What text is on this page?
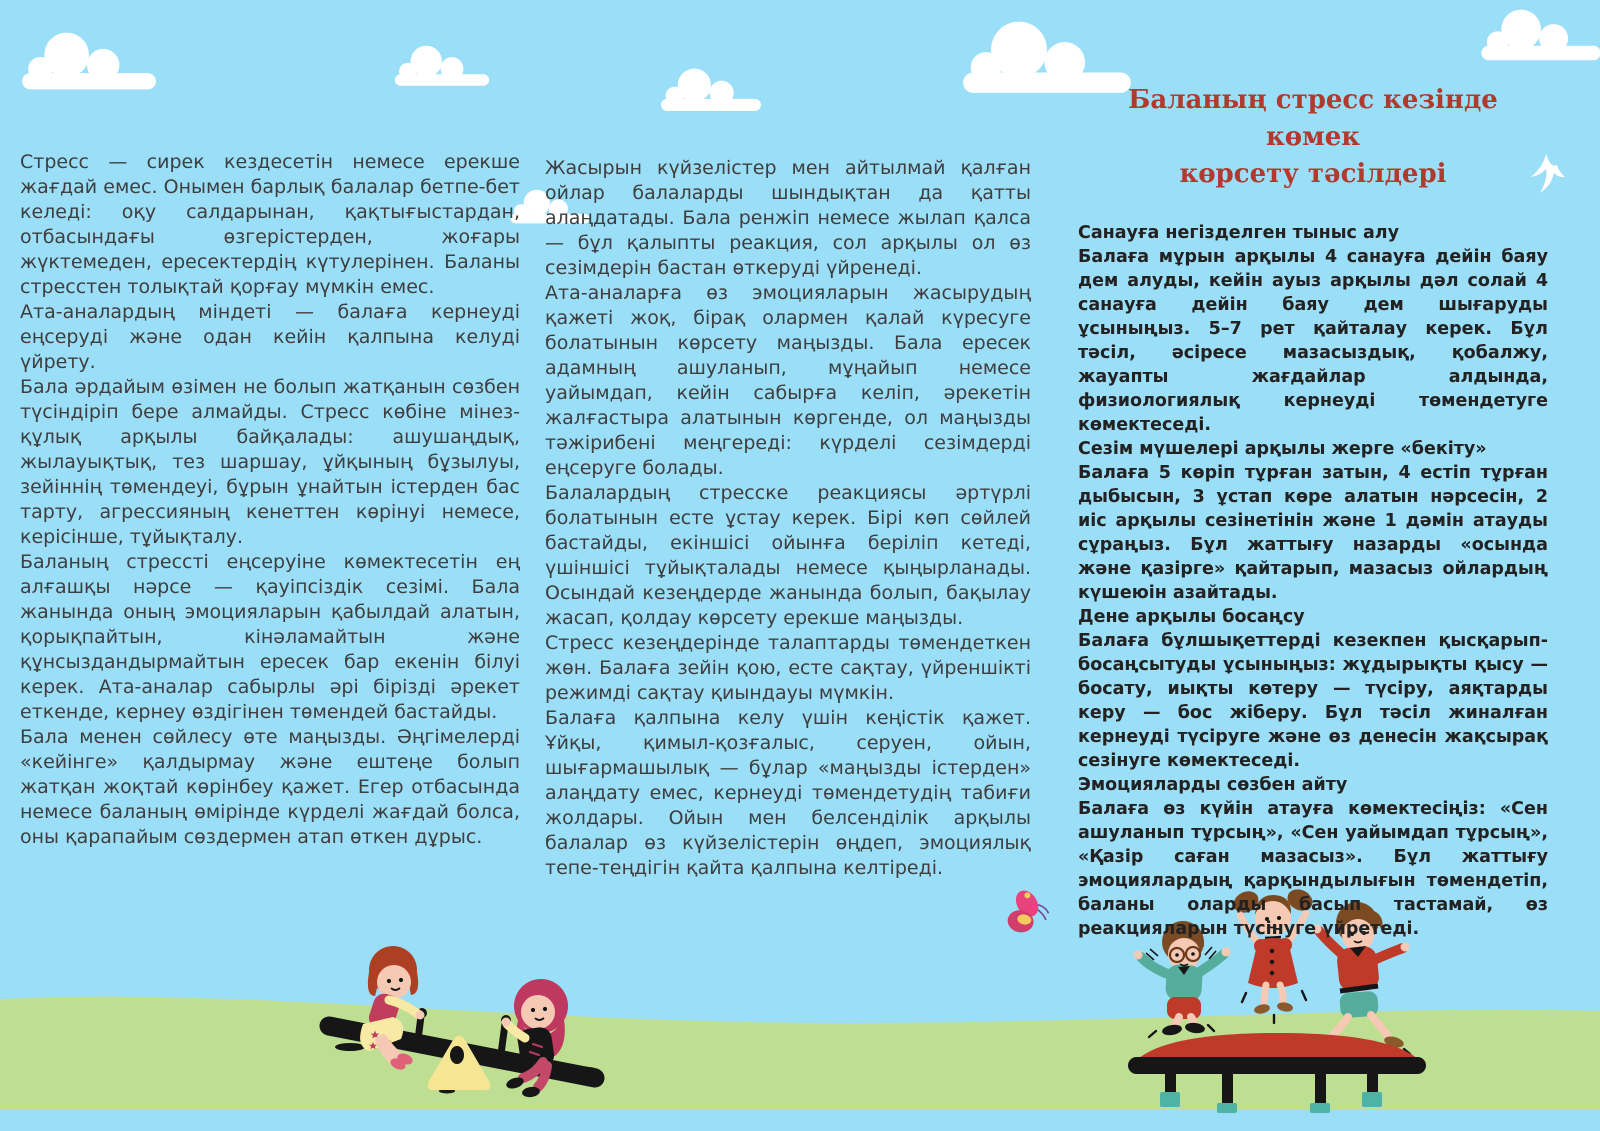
Стресс — сирек кездесетін немесе ерекше жағдай емес. Онымен барлық балалар бетпе-бет келеді: оқу салдарынан, қақтығыстардан, отбасындағы өзгерістерден, жоғары жүктемеден, ересектердің күтулерінен. Баланы стресстен толықтай қорғау мүмкін емес.

Ата-аналардың міндеті — балаға кернеуді еңсеруді және одан кейін қалпына келуді үйрету.

Бала әрдайым өзімен не болып жатқанын сөзбен түсіндіріп бере алмайды. Стресс көбіне мінез-құлық арқылы байқалады: ашушаңдық, жылауықтық, тез шаршау, ұйқының бұзылуы, зейіннің төмендеуі, бұрын ұнайтын істерден бас тарту, агрессияның кенеттен көрінуі немесе, керісінше, тұйықталу.

Баланың стрессті еңсеруіне көмектесетін ең алғашқы нәрсе — қауіпсіздік сезімі. Бала жанында оның эмоцияларын қабылдай алатын, қорықпайтын, кінәламайтын және құнсыздандырмайтын ересек бар екенін білуі керек. Ата-аналар сабырлы әрі бірізді әрекет еткенде, кернеу өздігінен төмендей бастайды.

Бала менен сөйлесу өте маңызды. Әңгімелерді «кейінге» қалдырмау және ештеңе болып жатқан жоқтай көрінбеу қажет. Егер отбасында немесе баланың өмірінде күрделі жағдай болса, оны қарапайым сөздермен атап өткен дұрыс.

Жасырын күйзелістер мен айтылмай қалған ойлар балаларды шындықтан да қатты алаңдатады. Бала ренжіп немесе жылап қалса — бұл қалыпты реакция, сол арқылы ол өз сезімдерін бастан өткеруді үйренеді.

Ата-аналарға өз эмоцияларын жасырудың қажеті жоқ, бірақ олармен қалай күресуге болатынын көрсету маңызды. Бала ересек адамның ашуланып, мұңайып немесе уайымдап, кейін сабырға келіп, әрекетін жалғастыра алатынын көргенде, ол маңызды тәжірибені меңгереді: күрделі сезімдерді еңсеруге болады.

Балалардың стресске реакциясы әртүрлі болатынын есте ұстау керек. Бірі көп сөйлей бастайды, екіншісі ойынға беріліп кетеді, үшіншісі тұйықталады немесе қыңырланады. Осындай кезеңдерде жанында болып, бақылау жасап, қолдау көрсету ерекше маңызды.

Стресс кезеңдерінде талаптарды төмендеткен жөн. Балаға зейін қою, есте сақтау, үйреншікті режимді сақтау қиындауы мүмкін.

Балаға қалпына келу үшін кеңістік қажет. Ұйқы, қимыл-қозғалыс, серуен, ойын, шығармашылық — бұлар «маңызды істерден» алаңдату емес, кернеуді төмендетудің табиғи жолдары. Ойын мен белсенділік арқылы балалар өз күйзелістерін өңдеп, эмоциялық тепе-теңдігін қайта қалпына келтіреді.

Баланың стресс кезінде көмек
көрсету тәсілдері
Санауға негізделген тыныс алу

Балаға мұрын арқылы 4 санауға дейін баяу дем алуды, кейін ауыз арқылы дәл солай 4 санауға дейін баяу дем шығаруды ұсыныңыз. 5–7 рет қайталау керек. Бұл тәсіл, әсіресе мазасыздық, қобалжу, жауапты жағдайлар алдында, физиологиялық кернеуді төмендетуге көмектеседі.

Сезім мүшелері арқылы жерге «бекіту»

Балаға 5 көріп тұрған затын, 4 естіп тұрған дыбысын, 3 ұстап көре алатын нәрсесін, 2 иіс арқылы сезінетінін және 1 дәмін атауды сұраңыз. Бұл жаттығу назарды «осында және қазірге» қайтарып, мазасыз ойлардың күшеюін азайтады.

Дене арқылы босаңсу

Балаға бұлшықеттерді кезекпен қысқарып-босаңсытуды ұсыныңыз: жұдырықты қысу — босату, иықты көтеру — түсіру, аяқтарды керу — бос жіберу. Бұл тәсіл жиналған кернеуді түсіруге және өз денесін жақсырақ сезінуге көмектеседі.

Эмоцияларды сөзбен айту

Балаға өз күйін атауға көмектесіңіз: «Сен ашуланып тұрсың», «Сен уайымдап тұрсың», «Қазір саған мазасыз». Бұл жаттығу эмоциялардың қарқындылығын төмендетіп, баланы оларды басып тастамай, өз реакцияларын түсінуге үйретеді.
